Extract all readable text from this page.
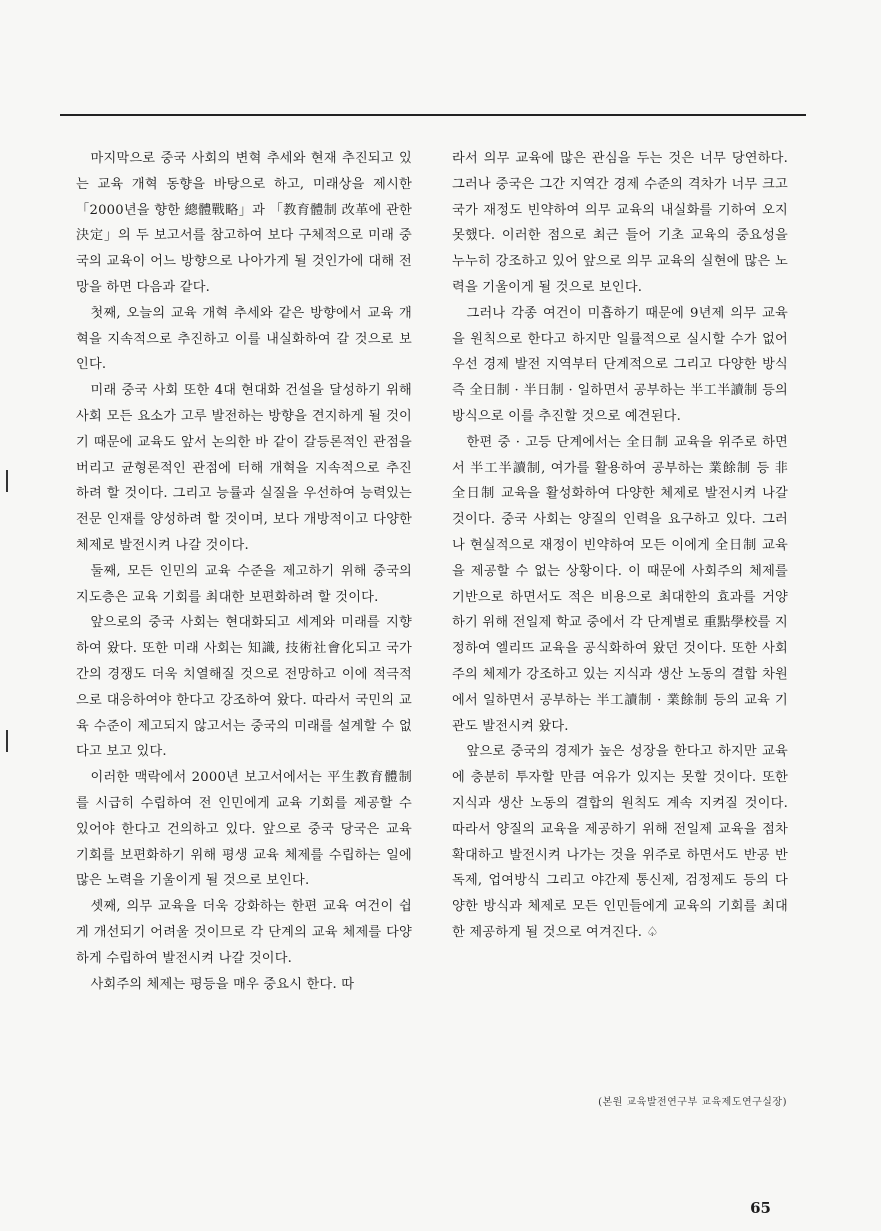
마지막으로 중국 사회의 변혁 추세와 현재 추진되고 있는 교육 개혁 동향을 바탕으로 하고, 미래상을 제시한 「2000년을 향한 總體戰略」과 「教育體制 改革에 관한 決定」의 두 보고서를 참고하여 보다 구체적으로 미래 중국의 교육이 어느 방향으로 나아가게 될 것인가에 대해 전망을 하면 다음과 같다.

첫째, 오늘의 교육 개혁 추세와 같은 방향에서 교육 개혁을 지속적으로 추진하고 이를 내실화하여 갈 것으로 보인다.

미래 중국 사회 또한 4대 현대화 건설을 달성하기 위해 사회 모든 요소가 고루 발전하는 방향을 견지하게 될 것이기 때문에 교육도 앞서 논의한 바 같이 갈등론적인 관점을 버리고 균형론적인 관점에 터해 개혁을 지속적으로 추진하려 할 것이다. 그리고 능률과 실질을 우선하여 능력있는 전문 인재를 양성하려 할 것이며, 보다 개방적이고 다양한 체제로 발전시켜 나갈 것이다.

둘째, 모든 인민의 교육 수준을 제고하기 위해 중국의 지도층은 교육 기회를 최대한 보편화하려 할 것이다.

앞으로의 중국 사회는 현대화되고 세계와 미래를 지향하여 왔다. 또한 미래 사회는 知識, 技術社會化되고 국가간의 경쟁도 더욱 치열해질 것으로 전망하고 이에 적극적으로 대응하여야 한다고 강조하여 왔다. 따라서 국민의 교육 수준이 제고되지 않고서는 중국의 미래를 설계할 수 없다고 보고 있다.

이러한 맥락에서 2000년 보고서에서는 平生教育體制를 시급히 수립하여 전 인민에게 교육 기회를 제공할 수 있어야 한다고 건의하고 있다. 앞으로 중국 당국은 교육 기회를 보편화하기 위해 평생 교육 체제를 수립하는 일에 많은 노력을 기울이게 될 것으로 보인다.

셋째, 의무 교육을 더욱 강화하는 한편 교육 여건이 쉽게 개선되기 어려울 것이므로 각 단계의 교육 체제를 다양하게 수립하여 발전시켜 나갈 것이다.

사회주의 체제는 평등을 매우 중요시 한다. 따

라서 의무 교육에 많은 관심을 두는 것은 너무 당연하다. 그러나 중국은 그간 지역간 경제 수준의 격차가 너무 크고 국가 재정도 빈약하여 의무 교육의 내실화를 기하여 오지 못했다. 이러한 점으로 최근 들어 기초 교육의 중요성을 누누히 강조하고 있어 앞으로 의무 교육의 실현에 많은 노력을 기울이게 될 것으로 보인다.

그러나 각종 여건이 미흡하기 때문에 9년제 의무 교육을 원칙으로 한다고 하지만 일률적으로 실시할 수가 없어 우선 경제 발전 지역부터 단계적으로 그리고 다양한 방식 즉 全日制 · 半日制 · 일하면서 공부하는 半工半讀制 등의 방식으로 이를 추진할 것으로 예견된다.

한편 중 · 고등 단계에서는 全日制 교육을 위주로 하면서 半工半讀制, 여가를 활용하여 공부하는 業餘制 등 非全日制 교육을 활성화하여 다양한 체제로 발전시켜 나갈 것이다. 중국 사회는 양질의 인력을 요구하고 있다. 그러나 현실적으로 재정이 빈약하여 모든 이에게 全日制 교육을 제공할 수 없는 상황이다. 이 때문에 사회주의 체제를 기반으로 하면서도 적은 비용으로 최대한의 효과를 거양하기 위해 전일제 학교 중에서 각 단계별로 重點學校를 지정하여 엘리뜨 교육을 공식화하여 왔던 것이다. 또한 사회주의 체제가 강조하고 있는 지식과 생산 노동의 결합 차원에서 일하면서 공부하는 半工讀制 · 業餘制 등의 교육 기관도 발전시켜 왔다.

앞으로 중국의 경제가 높은 성장을 한다고 하지만 교육에 충분히 투자할 만큼 여유가 있지는 못할 것이다. 또한 지식과 생산 노동의 결합의 원칙도 계속 지켜질 것이다. 따라서 양질의 교육을 제공하기 위해 전일제 교육을 점차 확대하고 발전시켜 나가는 것을 위주로 하면서도 반공 반독제, 업여방식 그리고 야간제 통신제, 검정제도 등의 다양한 방식과 체제로 모든 인민들에게 교육의 기회를 최대한 제공하게 될 것으로 여겨진다. ♤

(본원 교육발전연구부 교육제도연구실장)
65
